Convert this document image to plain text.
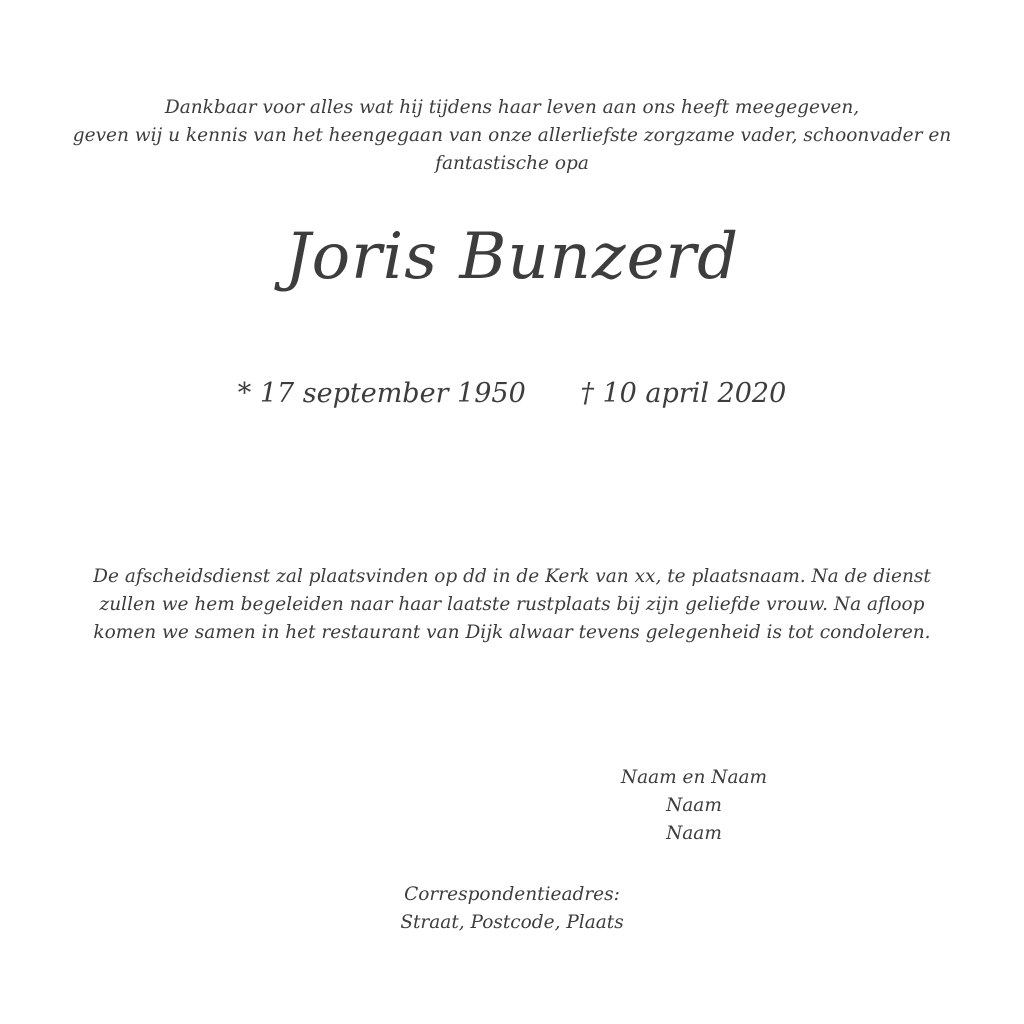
Dankbaar voor alles wat hij tijdens haar leven aan ons heeft meegegeven,
geven wij u kennis van het heengegaan van onze allerliefste zorgzame vader, schoonvader en
fantastische opa
Joris Bunzerd
* 17 september 1950 † 10 april 2020
De afscheidsdienst zal plaatsvinden op dd in de Kerk van xx, te plaatsnaam. Na de dienst
zullen we hem begeleiden naar haar laatste rustplaats bij zijn geliefde vrouw. Na afloop
komen we samen in het restaurant van Dijk alwaar tevens gelegenheid is tot condoleren.
Naam en Naam
Naam
Naam
Correspondentieadres:
Straat, Postcode, Plaats
